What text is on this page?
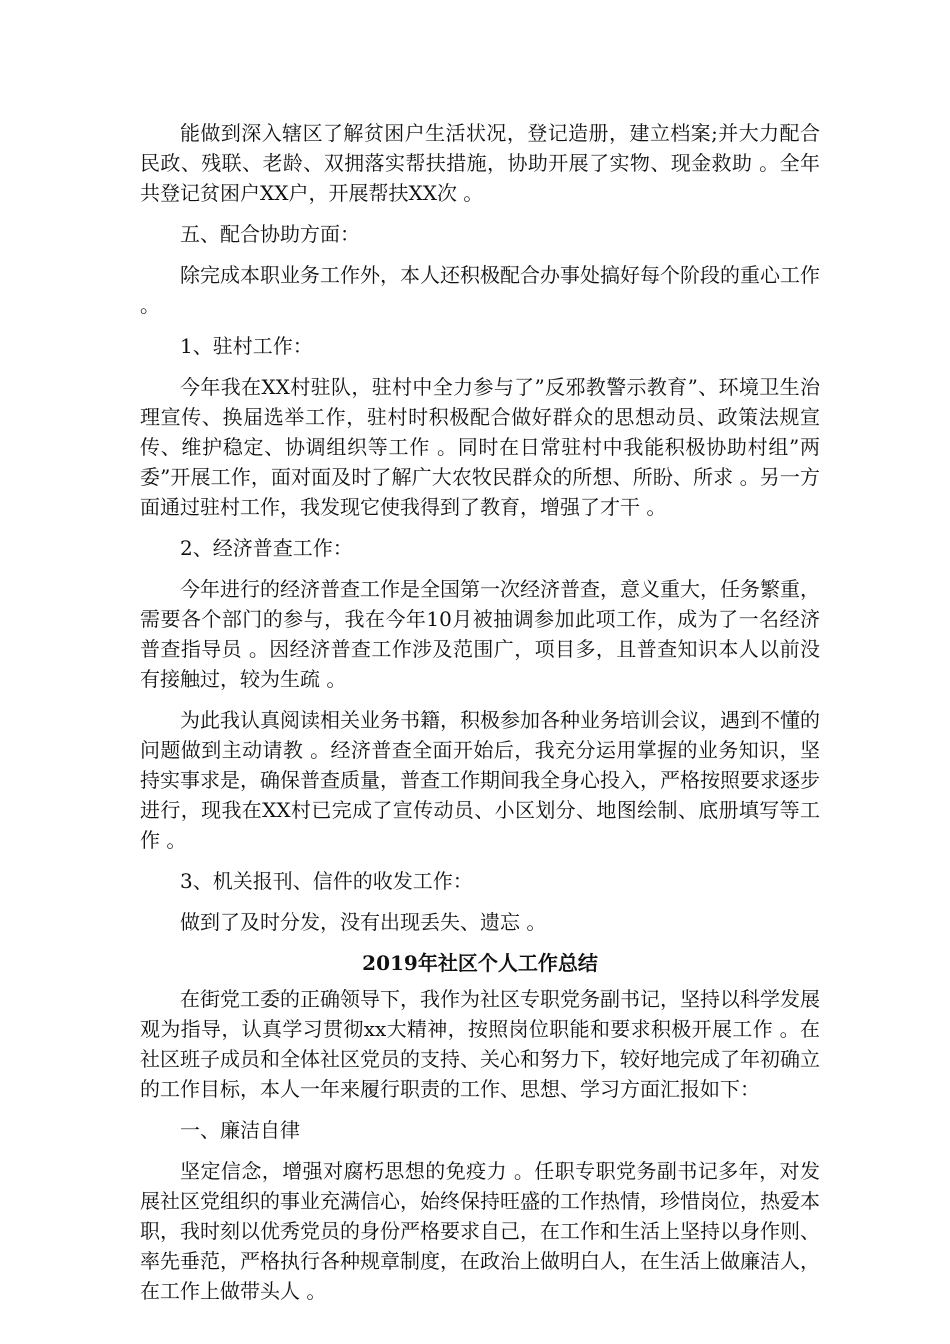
能做到深入辖区了解贫困户生活状况，登记造册，建立档案;并大力配合民政、残联、老龄、双拥落实帮扶措施，协助开展了实物、现金救助 。全年共登记贫困户XX户，开展帮扶XX次 。

五、配合协助方面：

除完成本职业务工作外，本人还积极配合办事处搞好每个阶段的重心工作 。

1、驻村工作：

今年我在XX村驻队，驻村中全力参与了”反邪教警示教育”、环境卫生治理宣传、换届选举工作，驻村时积极配合做好群众的思想动员、政策法规宣传、维护稳定、协调组织等工作 。同时在日常驻村中我能积极协助村组”两委”开展工作，面对面及时了解广大农牧民群众的所想、所盼、所求 。另一方面通过驻村工作，我发现它使我得到了教育，增强了才干 。

2、经济普查工作：

今年进行的经济普查工作是全国第一次经济普查，意义重大，任务繁重，需要各个部门的参与，我在今年10月被抽调参加此项工作，成为了一名经济普查指导员 。因经济普查工作涉及范围广，项目多，且普查知识本人以前没有接触过，较为生疏 。

为此我认真阅读相关业务书籍，积极参加各种业务培训会议，遇到不懂的问题做到主动请教 。经济普查全面开始后，我充分运用掌握的业务知识，坚持实事求是，确保普查质量，普查工作期间我全身心投入，严格按照要求逐步进行，现我在XX村已完成了宣传动员、小区划分、地图绘制、底册填写等工作 。

3、机关报刊、信件的收发工作：

做到了及时分发，没有出现丢失、遗忘 。

2019年社区个人工作总结

在街党工委的正确领导下，我作为社区专职党务副书记，坚持以科学发展观为指导，认真学习贯彻xx大精神，按照岗位职能和要求积极开展工作 。在社区班子成员和全体社区党员的支持、关心和努力下，较好地完成了年初确立的工作目标，本人一年来履行职责的工作、思想、学习方面汇报如下：

一、廉洁自律

坚定信念，增强对腐朽思想的免疫力 。任职专职党务副书记多年，对发展社区党组织的事业充满信心，始终保持旺盛的工作热情，珍惜岗位，热爱本职，我时刻以优秀党员的身份严格要求自己，在工作和生活上坚持以身作则、率先垂范，严格执行各种规章制度，在政治上做明白人，在生活上做廉洁人，在工作上做带头人 。
